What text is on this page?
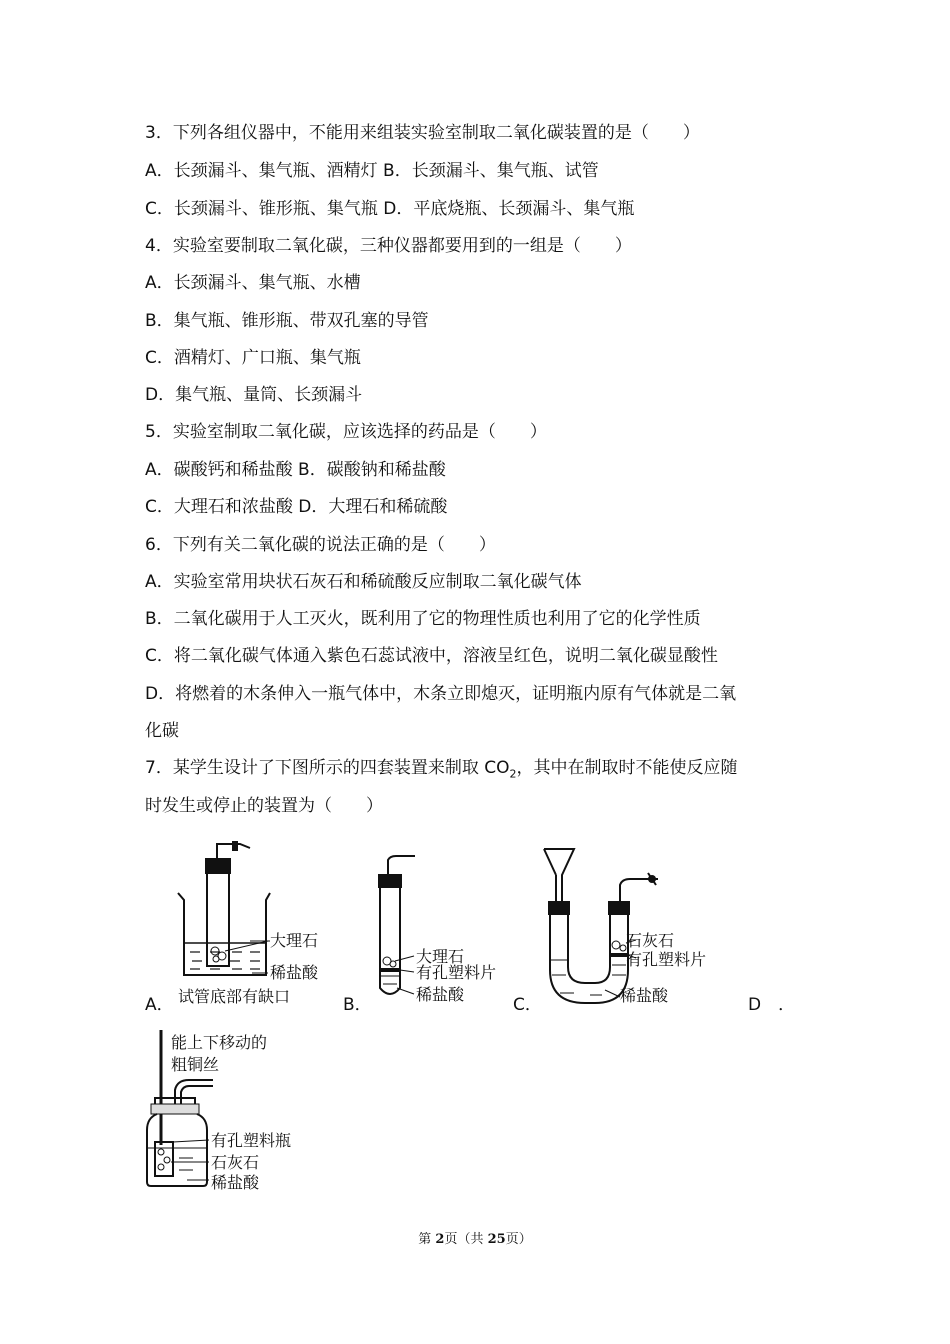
3．下列各组仪器中，不能用来组装实验室制取二氧化碳装置的是（　　）
A．长颈漏斗、集气瓶、酒精灯 B．长颈漏斗、集气瓶、试管
C．长颈漏斗、锥形瓶、集气瓶 D．平底烧瓶、长颈漏斗、集气瓶
4．实验室要制取二氧化碳，三种仪器都要用到的一组是（　　）
A．长颈漏斗、集气瓶、水槽
B．集气瓶、锥形瓶、带双孔塞的导管
C．酒精灯、广口瓶、集气瓶
D．集气瓶、量筒、长颈漏斗
5．实验室制取二氧化碳，应该选择的药品是（　　）
A．碳酸钙和稀盐酸 B．碳酸钠和稀盐酸
C．大理石和浓盐酸 D．大理石和稀硫酸
6．下列有关二氧化碳的说法正确的是（　　）
A．实验室常用块状石灰石和稀硫酸反应制取二氧化碳气体
B．二氧化碳用于人工灭火，既利用了它的物理性质也利用了它的化学性质
C．将二氧化碳气体通入紫色石蕊试液中，溶液呈红色，说明二氧化碳显酸性
D．将燃着的木条伸入一瓶气体中，木条立即熄灭，证明瓶内原有气体就是二氧
化碳
7．某学生设计了下图所示的四套装置来制取 $CO_2$，其中在制取时不能使反应随
时发生或停止的装置为（　　）
A．	B．	C．	D　．
大理石
稀盐酸
试管底部有缺口
大理石
有孔塑料片
稀盐酸
石灰石
有孔塑料片
稀盐酸
能上下移动的
粗铜丝
有孔塑料瓶
石灰石
稀盐酸
第 2页（共 25页）
